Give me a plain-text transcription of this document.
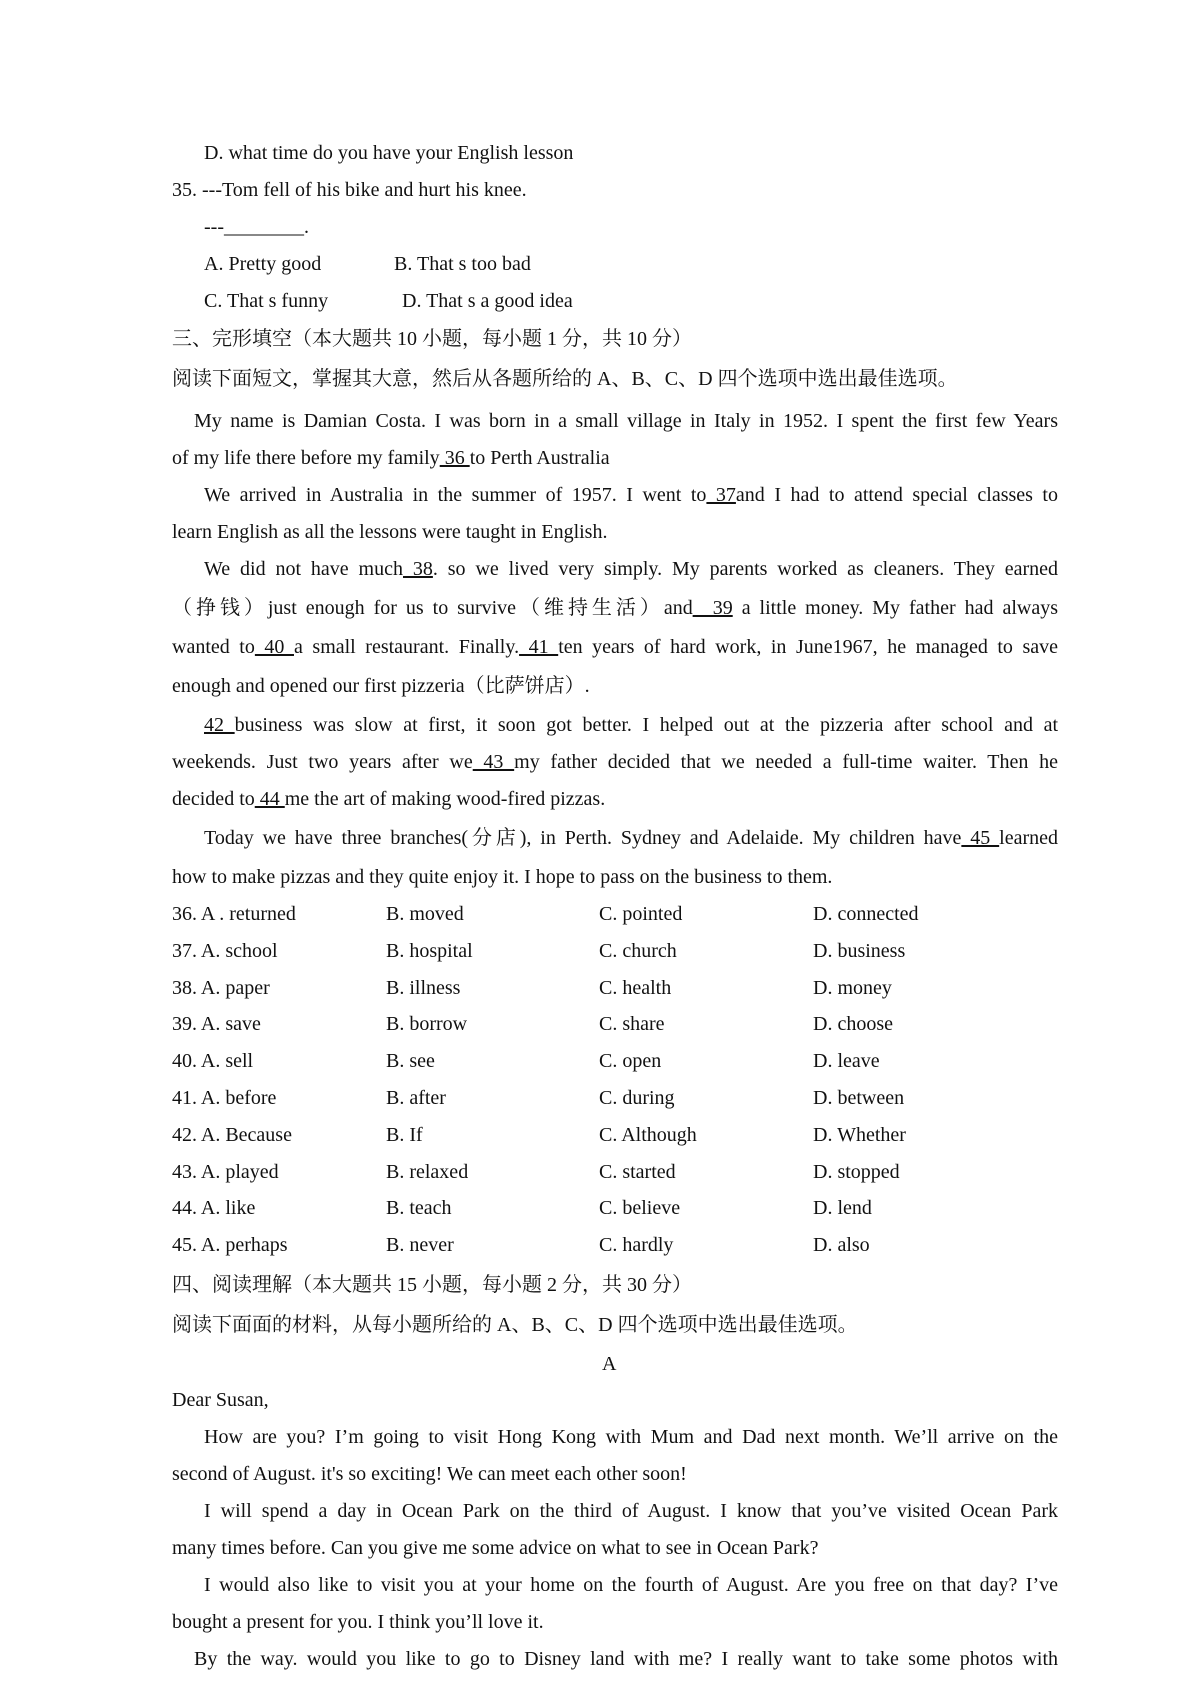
D. what time do you have your English lesson
35. ---Tom fell of his bike and hurt his knee.
---________.
A. Pretty good	B. That s too bad
C. That s funny	D. That s a good idea
三、完形填空（本大题共 10 小题，每小题 1 分，共 10 分）
阅读下面短文，掌握其大意，然后从各题所给的 A、B、C、D 四个选项中选出最佳选项。
My name is Damian Costa. I was born in a small village in Italy in 1952. I spent the first few Years
of my life there before my family 36 to Perth Australia
We arrived in Australia in the summer of 1957. I went to 37and I had to attend special classes to
learn English as all the lessons were taught in English.
We did not have much 38. so we lived very simply. My parents worked as cleaners. They earned
（挣钱）just enough for us to survive（维持生活）and__39 a little money. My father had always
wanted to 40 a small restaurant. Finally. 41 ten years of hard work, in June1967, he managed to save
enough and opened our first pizzeria（比萨饼店）.
42 business was slow at first, it soon got better. I helped out at the pizzeria after school and at
weekends. Just two years after we 43 my father decided that we needed a full-time waiter. Then he
decided to 44 me the art of making wood-fired pizzas.
Today we have three branches(分店), in Perth. Sydney and Adelaide. My children have 45 learned
how to make pizzas and they quite enjoy it. I hope to pass on the business to them.
36. A . returned	B. moved	C. pointed	D. connected
37. A. school	B. hospital	C. church	D. business
38. A. paper	B. illness	C. health	D. money
39. A. save	B. borrow	C. share	D. choose
40. A. sell	B. see	C. open	D. leave
41. A. before	B. after	C. during	D. between
42. A. Because	B. If	C. Although	D. Whether
43. A. played	B. relaxed	C. started	D. stopped
44. A. like	B. teach	C. believe	D. lend
45. A. perhaps	B. never	C. hardly	D. also
四、阅读理解（本大题共 15 小题，每小题 2 分，共 30 分）
阅读下面面的材料，从每小题所给的 A、B、C、D 四个选项中选出最佳选项。
A
Dear Susan,
How are you? I’m going to visit Hong Kong with Mum and Dad next month. We’ll arrive on the
second of August. it's so exciting! We can meet each other soon!
I will spend a day in Ocean Park on the third of August. I know that you’ve visited Ocean Park
many times before. Can you give me some advice on what to see in Ocean Park?
I would also like to visit you at your home on the fourth of August. Are you free on that day? I’ve
bought a present for you. I think you’ll love it.
By the way. would you like to go to Disney land with me? I really want to take some photos with
